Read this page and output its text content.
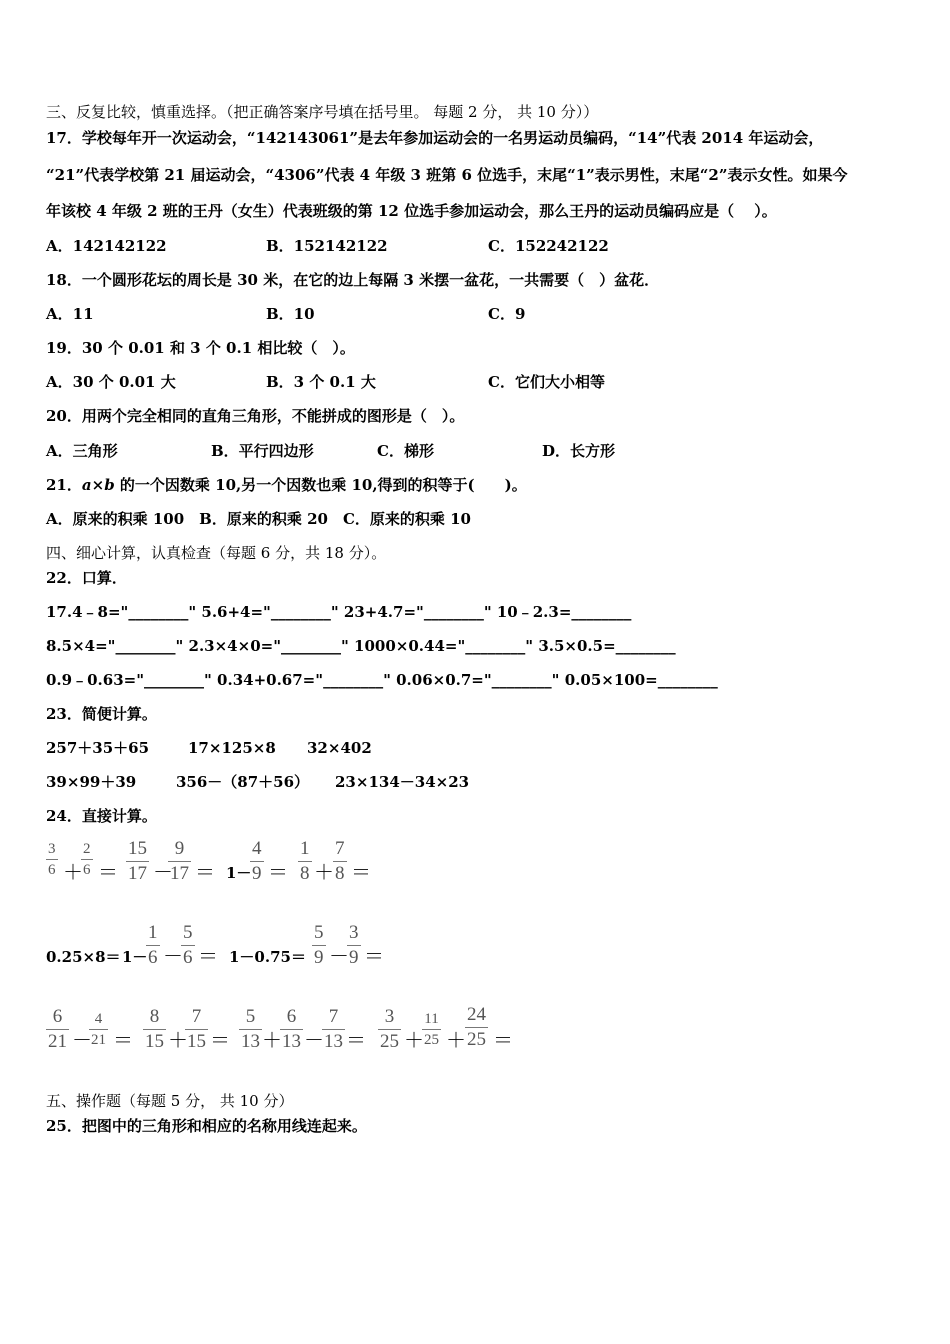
三、反复比较，慎重选择。（把正确答案序号填在括号里。 每题 2 分， 共 10 分））
17．学校每年开一次运动会，“142143061”是去年参加运动会的一名男运动员编码，“14”代表 2014 年运动会，
“21”代表学校第 21 届运动会，“4306”代表 4 年级 3 班第 6 位选手，末尾“1”表示男性，末尾“2”表示女性。如果今
年该校 4 年级 2 班的王丹（女生）代表班级的第 12 位选手参加运动会，那么王丹的运动员编码应是（　 ）。
A．142142122	B．152142122	C．152242122
18．一个圆形花坛的周长是 30 米，在它的边上每隔 3 米摆一盆花，一共需要（　）盆花．
A．11	B．10	C．9
19．30 个 0.01 和 3 个 0.1 相比较（　）。
A．30 个 0.01 大	B．3 个 0.1 大	C．它们大小相等
20．用两个完全相同的直角三角形，不能拼成的图形是（　）。
A．三角形	B．平行四边形	C．梯形	D．长方形
21．a×b 的一个因数乘 10,另一个因数也乘 10,得到的积等于(　　)。
A．原来的积乘 100　B．原来的积乘 20　C．原来的积乘 10
四、细心计算，认真检查（每题 6 分，共 18 分）。
22．口算．
17.4﹣8="________" 5.6+4="________" 23+4.7="________" 10﹣2.3=________
8.5×4="________" 2.3×4×0="________" 1000×0.44="________" 3.5×0.5=________
0.9﹣0.63="________" 0.34+0.67="________" 0.06×0.7="________" 0.05×100=________
23．简便计算。
257＋35＋65	17×125×8 32×402
39×99＋39	356－（87＋56） 23×134－34×23
24．直接计算。
3
6 ＋
2
6 ＝
15
17 －
9
17 ＝ 1－
4
9 ＝
1
8 ＋
7
8 ＝
0.25×8＝ 1－
1
6 －
5
6 ＝ 1－0.75＝
5
9 －
3
9 ＝
6
21 －
4
21 ＝
8
15 ＋
7
15 ＝
5
13 ＋
6
13 －
7
13 ＝
3
25 ＋
11
25 ＋
24
25 ＝
五、操作题（每题 5 分， 共 10 分）
25．把图中的三角形和相应的名称用线连起来。
